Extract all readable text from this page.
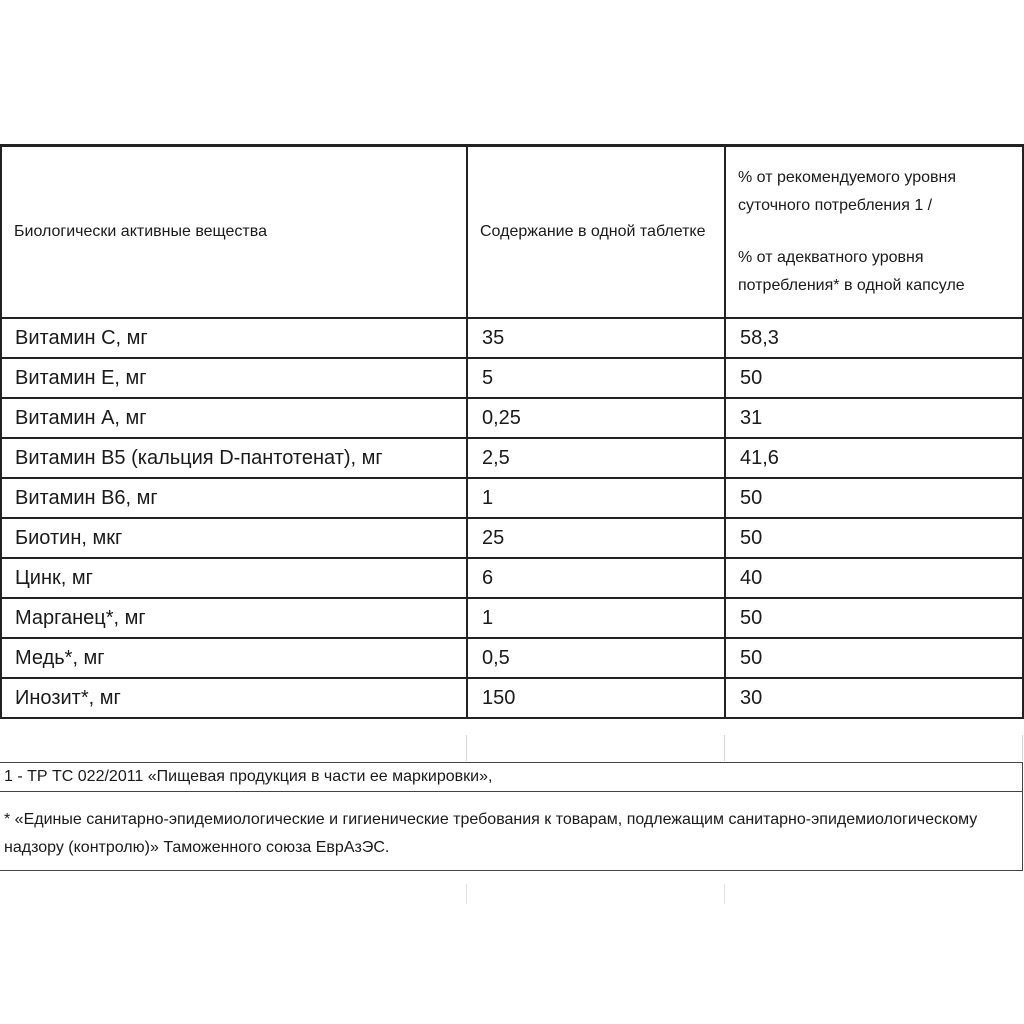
Биологически активные вещества	Содержание в одной таблетке	% от рекомендуемого уровня суточного потребления 1 /
% от адекватного уровня потребления* в одной капсуле

Витамин С, мг	35	58,3
Витамин Е, мг	5	50
Витамин А, мг	0,25	31
Витамин В5 (кальция D-пантотенат), мг	2,5	41,6
Витамин В6, мг	1	50
Биотин, мкг	25	50
Цинк, мг	6	40
Марганец*, мг	1	50
Медь*, мг	0,5	50
Инозит*, мг	150	30
1 - ТР ТС 022/2011 «Пищевая продукция в части ее маркировки»,
* «Единые санитарно-эпидемиологические и гигиенические требования к товарам, подлежащим санитарно-эпидемиологическому надзору (контролю)» Таможенного союза ЕврАзЭС.
